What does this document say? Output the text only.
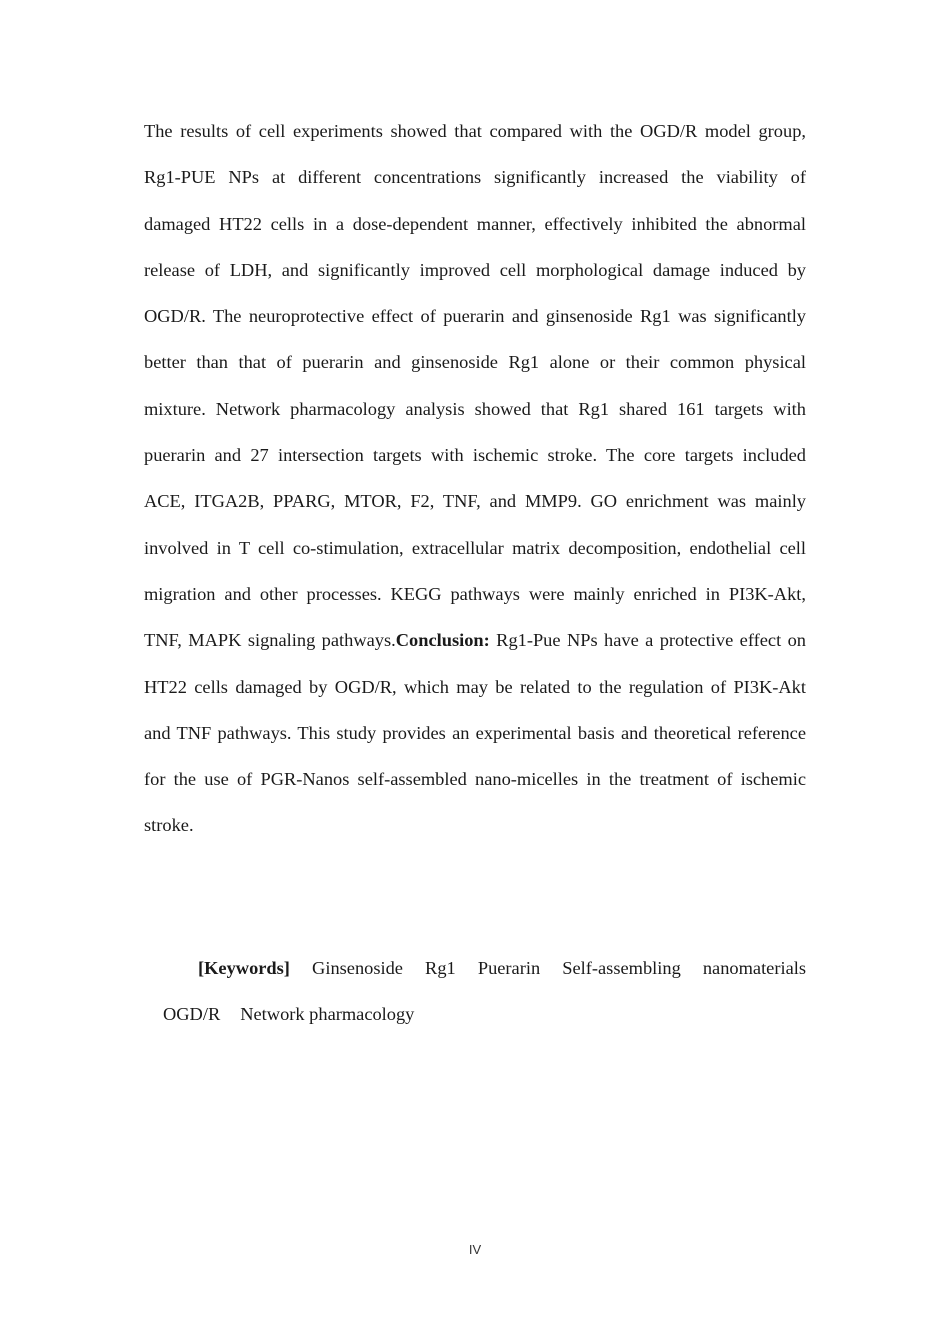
The results of cell experiments showed that compared with the OGD/R model group, Rg1-PUE NPs at different concentrations significantly increased the viability of damaged HT22 cells in a dose-dependent manner, effectively inhibited the abnormal release of LDH, and significantly improved cell morphological damage induced by OGD/R. The neuroprotective effect of puerarin and ginsenoside Rg1 was significantly better than that of puerarin and ginsenoside Rg1 alone or their common physical mixture. Network pharmacology analysis showed that Rg1 shared 161 targets with puerarin and 27 intersection targets with ischemic stroke. The core targets included ACE, ITGA2B, PPARG, MTOR, F2, TNF, and MMP9. GO enrichment was mainly involved in T cell co-stimulation, extracellular matrix decomposition, endothelial cell migration and other processes. KEGG pathways were mainly enriched in PI3K-Akt, TNF, MAPK signaling pathways.Conclusion: Rg1-Pue NPs have a protective effect on HT22 cells damaged by OGD/R, which may be related to the regulation of PI3K-Akt and TNF pathways. This study provides an experimental basis and theoretical reference for the use of PGR-Nanos self-assembled nano-micelles in the treatment of ischemic stroke.

[Keywords] Ginsenoside Rg1 Puerarin Self-assembling nanomaterials
OGD/R Network pharmacology
IV
